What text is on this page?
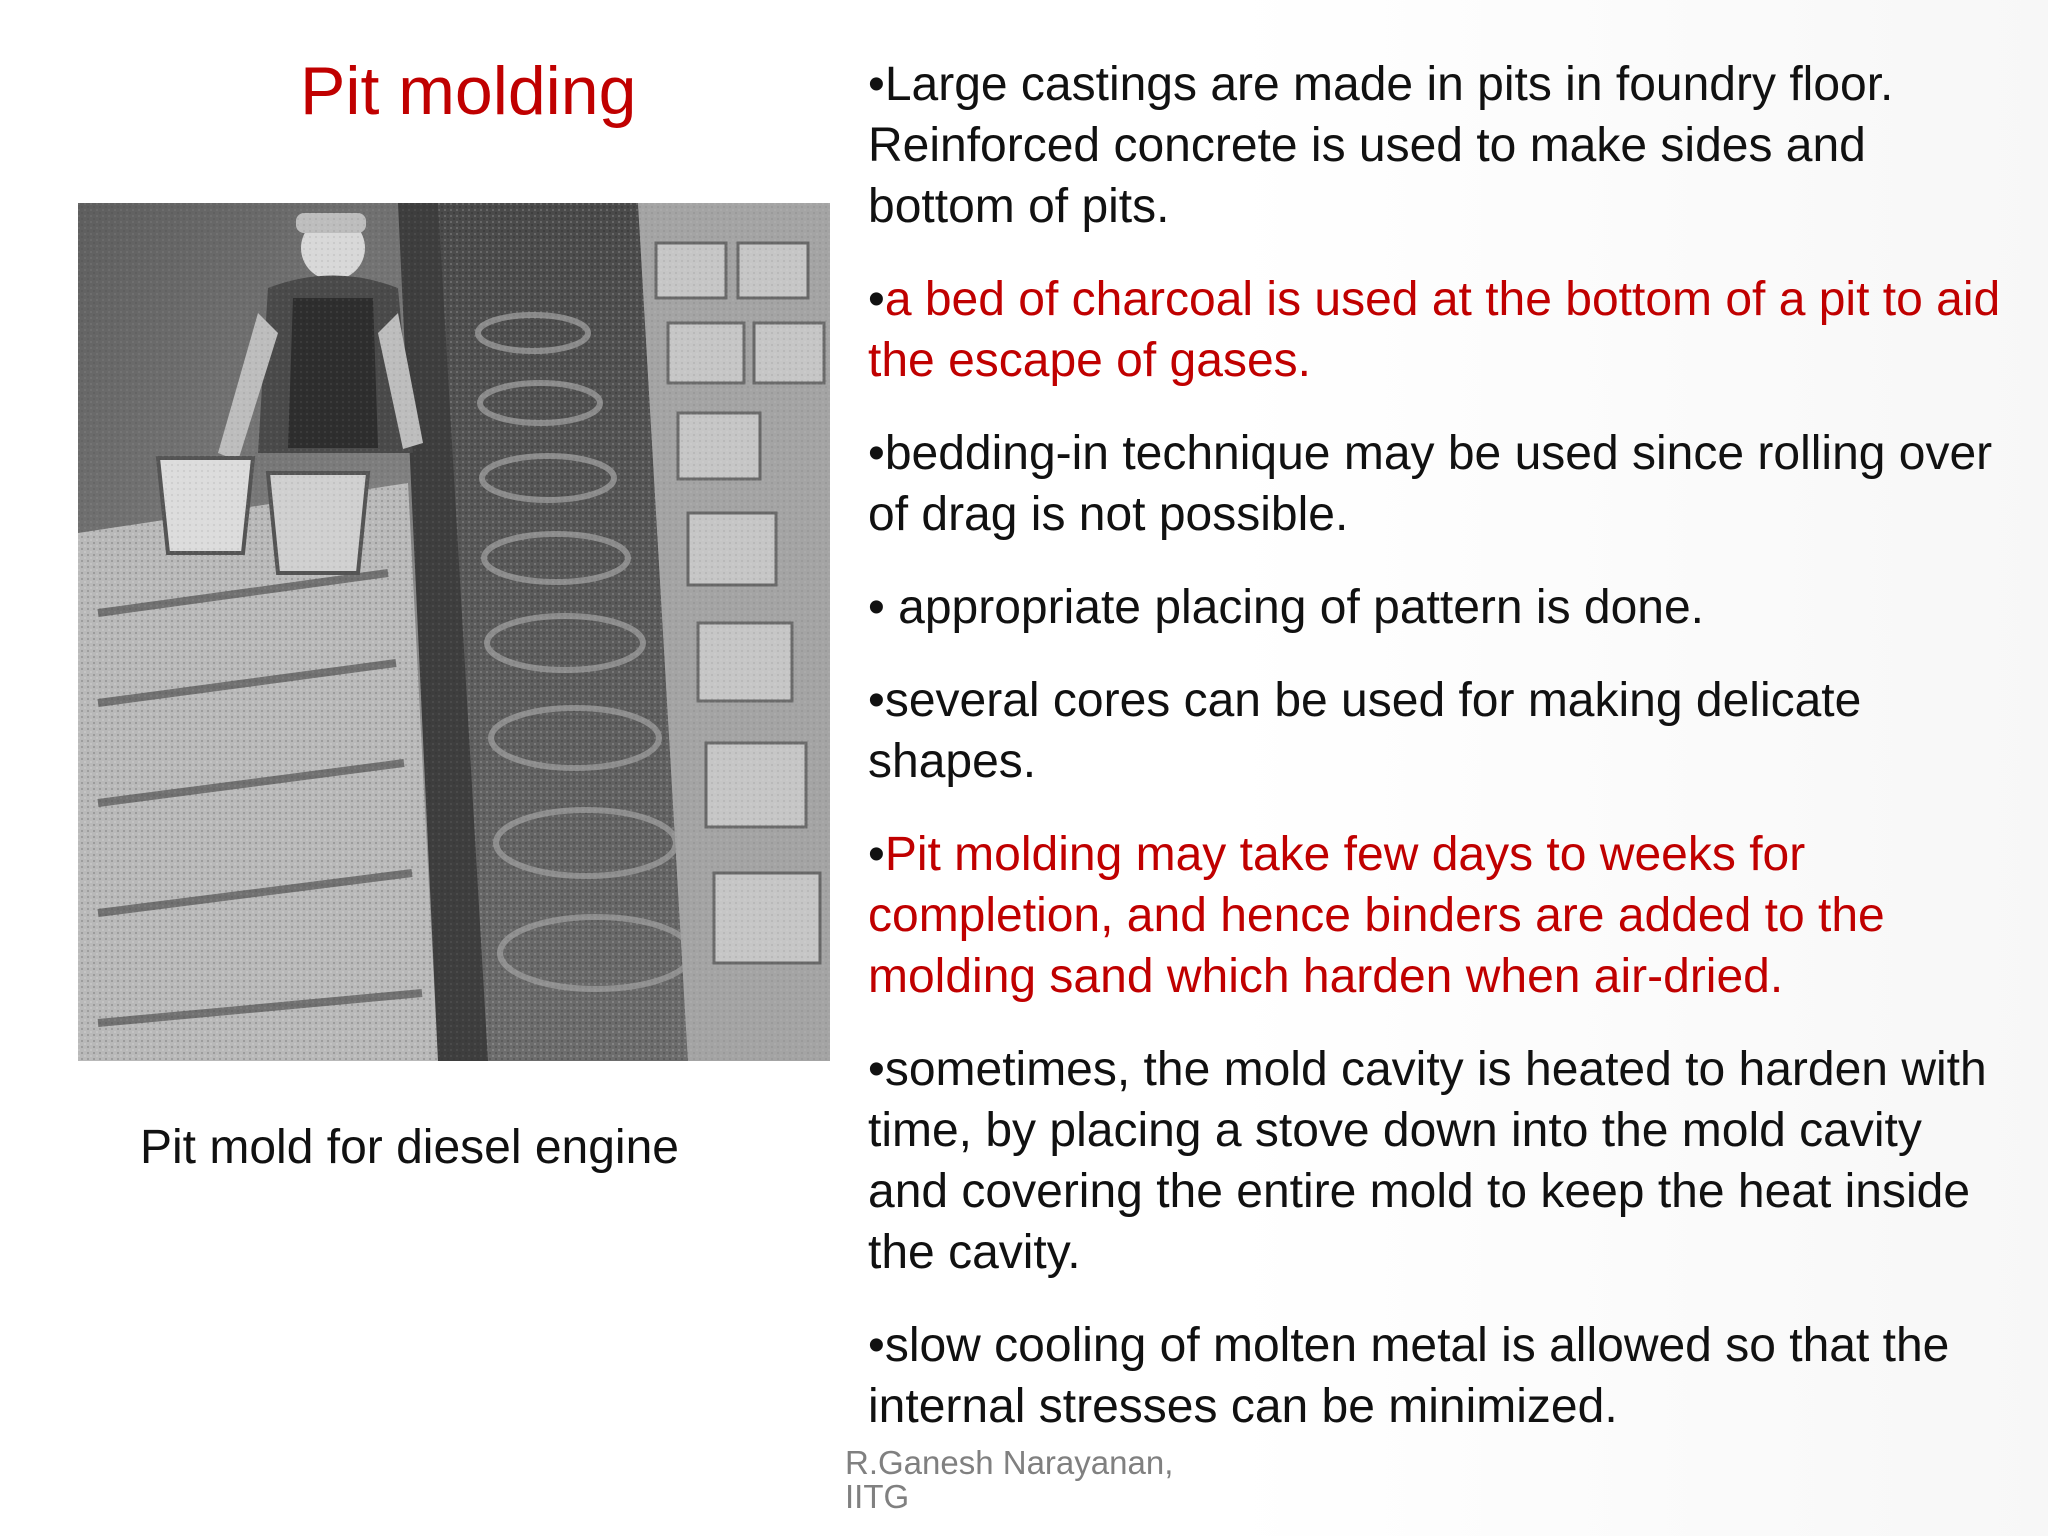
Pit molding
Pit mold for diesel engine

•Large castings are made in pits in foundry floor. Reinforced concrete is used to make sides and bottom of pits.

•a bed of charcoal is used at the bottom of a pit to aid the escape of gases.

•bedding-in technique may be used since rolling over of drag is not possible.

• appropriate placing of pattern is done.

•several cores can be used for making delicate shapes.

•Pit molding may take few days to weeks for completion, and hence binders are added to the molding sand which harden when air-dried.

•sometimes, the mold cavity is heated to harden with time, by placing a stove down into the mold cavity and covering the entire mold to keep the heat inside the cavity.

•slow cooling of molten metal is allowed so that the internal stresses can be minimized.

R.Ganesh Narayanan,
IITG
